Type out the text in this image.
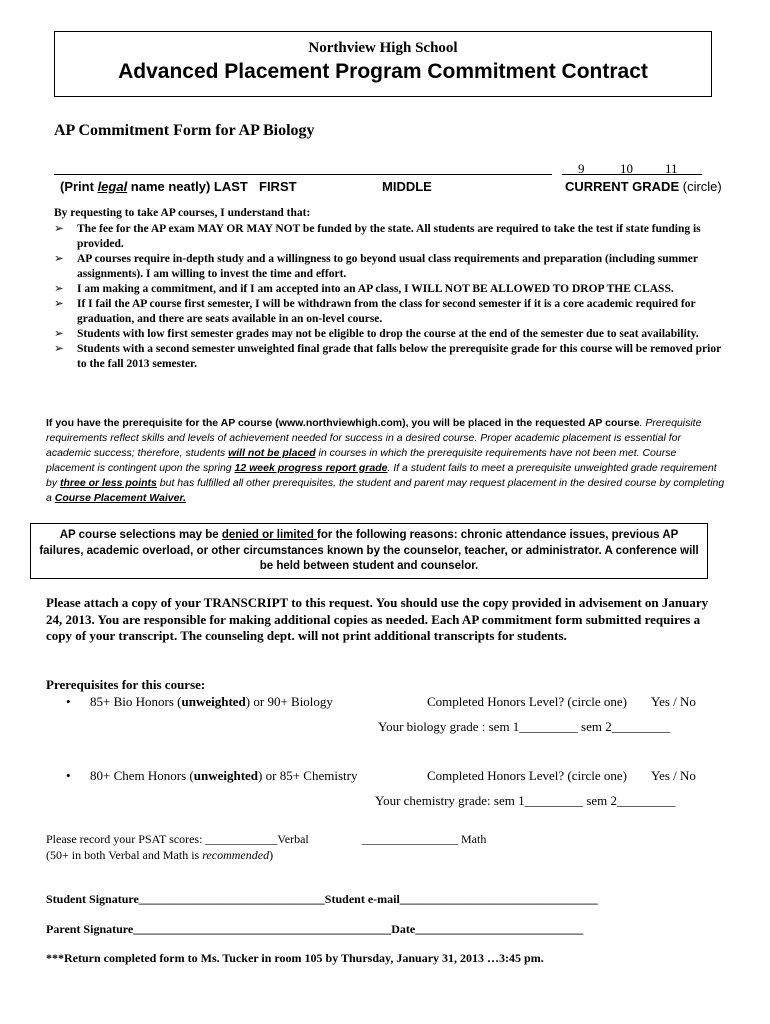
Northview High School
Advanced Placement Program Commitment Contract
AP Commitment Form for AP Biology
(Print legal name neatly) LAST FIRST	MIDDLE
9	10 11
CURRENT GRADE (circle)
By requesting to take AP courses, I understand that:
➢ The fee for the AP exam MAY OR MAY NOT be funded by the state. All students are required to take the test if state funding is provided.
➢ AP courses require in-depth study and a willingness to go beyond usual class requirements and preparation (including summer assignments). I am willing to invest the time and effort.
➢ I am making a commitment, and if I am accepted into an AP class, I WILL NOT BE ALLOWED TO DROP THE CLASS.
➢ If I fail the AP course first semester, I will be withdrawn from the class for second semester if it is a core academic required for graduation, and there are seats available in an on-level course.
➢ Students with low first semester grades may not be eligible to drop the course at the end of the semester due to seat availability.
➢ Students with a second semester unweighted final grade that falls below the prerequisite grade for this course will be removed prior to the fall 2013 semester.
If you have the prerequisite for the AP course (www.northviewhigh.com), you will be placed in the requested AP course. Prerequisite requirements reflect skills and levels of achievement needed for success in a desired course. Proper academic placement is essential for academic success; therefore, students will not be placed in courses in which the prerequisite requirements have not been met. Course placement is contingent upon the spring 12 week progress report grade. If a student fails to meet a prerequisite unweighted grade requirement by three or less points but has fulfilled all other prerequisites, the student and parent may request placement in the desired course by completing a Course Placement Waiver.
AP course selections may be denied or limited for the following reasons: chronic attendance issues, previous AP failures, academic overload, or other circumstances known by the counselor, teacher, or administrator. A conference will be held between student and counselor.
Please attach a copy of your TRANSCRIPT to this request. You should use the copy provided in advisement on January 24, 2013. You are responsible for making additional copies as needed. Each AP commitment form submitted requires a copy of your transcript. The counseling dept. will not print additional transcripts for students.
Prerequisites for this course:
• 85+ Bio Honors (unweighted) or 90+ Biology	Completed Honors Level? (circle one) Yes / No
Your biology grade : sem 1_________ sem 2_________
• 80+ Chem Honors (unweighted) or 85+ Chemistry	Completed Honors Level? (circle one) Yes / No
Your chemistry grade: sem 1_________ sem 2_________
Please record your PSAT scores: ____________Verbal	________________ Math
(50+ in both Verbal and Math is recommended)
Student Signature_______________________________Student e-mail_________________________________
Parent Signature___________________________________________Date____________________________
***Return completed form to Ms. Tucker in room 105 by Thursday, January 31, 2013 …3:45 pm.
